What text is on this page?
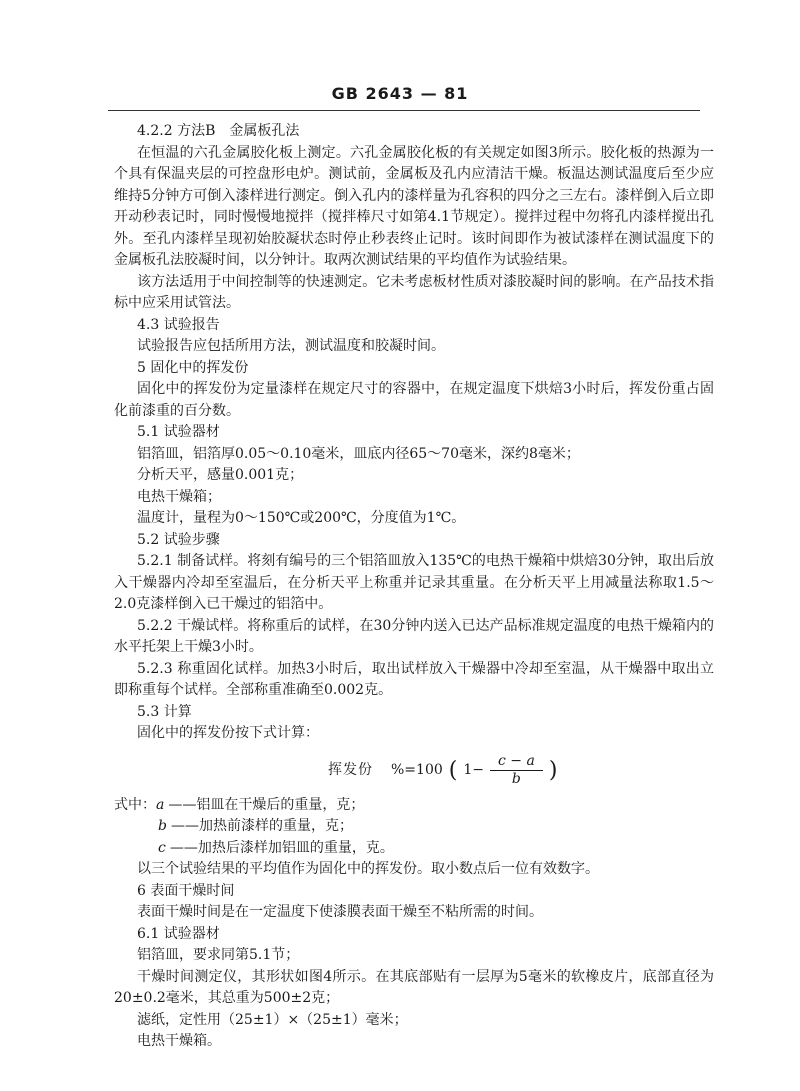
GB 2643 — 81

4.2.2 方法B　金属板孔法

在恒温的六孔金属胶化板上测定。六孔金属胶化板的有关规定如图3所示。胶化板的热源为一个具有保温夹层的可控盘形电炉。测试前，金属板及孔内应清洁干燥。板温达测试温度后至少应维持5分钟方可倒入漆样进行测定。倒入孔内的漆样量为孔容积的四分之三左右。漆样倒入后立即开动秒表记时，同时慢慢地搅拌（搅拌棒尺寸如第4.1节规定）。搅拌过程中勿将孔内漆样搅出孔外。至孔内漆样呈现初始胶凝状态时停止秒表终止记时。该时间即作为被试漆样在测试温度下的金属板孔法胶凝时间，以分钟计。取两次测试结果的平均值作为试验结果。

该方法适用于中间控制等的快速测定。它未考虑板材性质对漆胶凝时间的影响。在产品技术指标中应采用试管法。

4.3 试验报告

试验报告应包括所用方法，测试温度和胶凝时间。

5 固化中的挥发份

固化中的挥发份为定量漆样在规定尺寸的容器中，在规定温度下烘焙3小时后，挥发份重占固化前漆重的百分数。

5.1 试验器材

铝箔皿，铝箔厚0.05～0.10毫米，皿底内径65～70毫米，深约8毫米；

分析天平，感量0.001克；

电热干燥箱；

温度计，量程为0～150℃或200℃，分度值为1℃。

5.2 试验步骤

5.2.1 制备试样。将刻有编号的三个铝箔皿放入135℃的电热干燥箱中烘焙30分钟，取出后放入干燥器内冷却至室温后，在分析天平上称重并记录其重量。在分析天平上用减量法称取1.5～2.0克漆样倒入已干燥过的铝箔中。

5.2.2 干燥试样。将称重后的试样，在30分钟内送入已达产品标准规定温度的电热干燥箱内的水平托架上干燥3小时。

5.2.3 称重固化试样。加热3小时后，取出试样放入干燥器中冷却至室温，从干燥器中取出立即称重每个试样。全部称重准确至0.002克。

5.3 计算

固化中的挥发份按下式计算：

挥发份 %=100 ( $1- \frac{c - a}{b}$ )

式中：a ——铝皿在干燥后的重量，克；

b ——加热前漆样的重量，克；

c ——加热后漆样加铝皿的重量，克。

以三个试验结果的平均值作为固化中的挥发份。取小数点后一位有效数字。

6 表面干燥时间

表面干燥时间是在一定温度下使漆膜表面干燥至不粘所需的时间。

6.1 试验器材

铝箔皿，要求同第5.1节；

干燥时间测定仪，其形状如图4所示。在其底部贴有一层厚为5毫米的软橡皮片，底部直径为20±0.2毫米，其总重为500±2克；

滤纸，定性用（25±1）×（25±1）毫米；

电热干燥箱。
